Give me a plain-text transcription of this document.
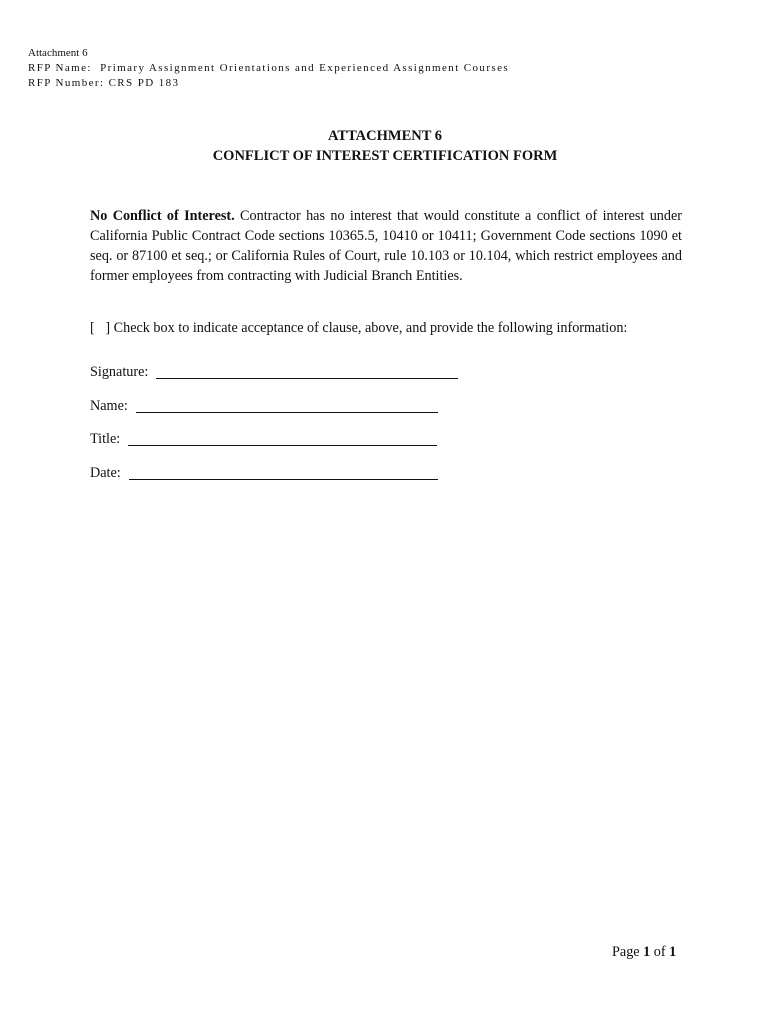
Attachment 6
RFP Name:  Primary Assignment Orientations and Experienced Assignment Courses
RFP Number: CRS PD 183
ATTACHMENT 6
CONFLICT OF INTEREST CERTIFICATION FORM
No Conflict of Interest. Contractor has no interest that would constitute a conflict of interest under California Public Contract Code sections 10365.5, 10410 or 10411; Government Code sections 1090 et seq. or 87100 et seq.; or California Rules of Court, rule 10.103 or 10.104, which restrict employees and former employees from contracting with Judicial Branch Entities.
[   ] Check box to indicate acceptance of clause, above, and provide the following information:
Signature:
Name:
Title:
Date:
Page 1 of 1
